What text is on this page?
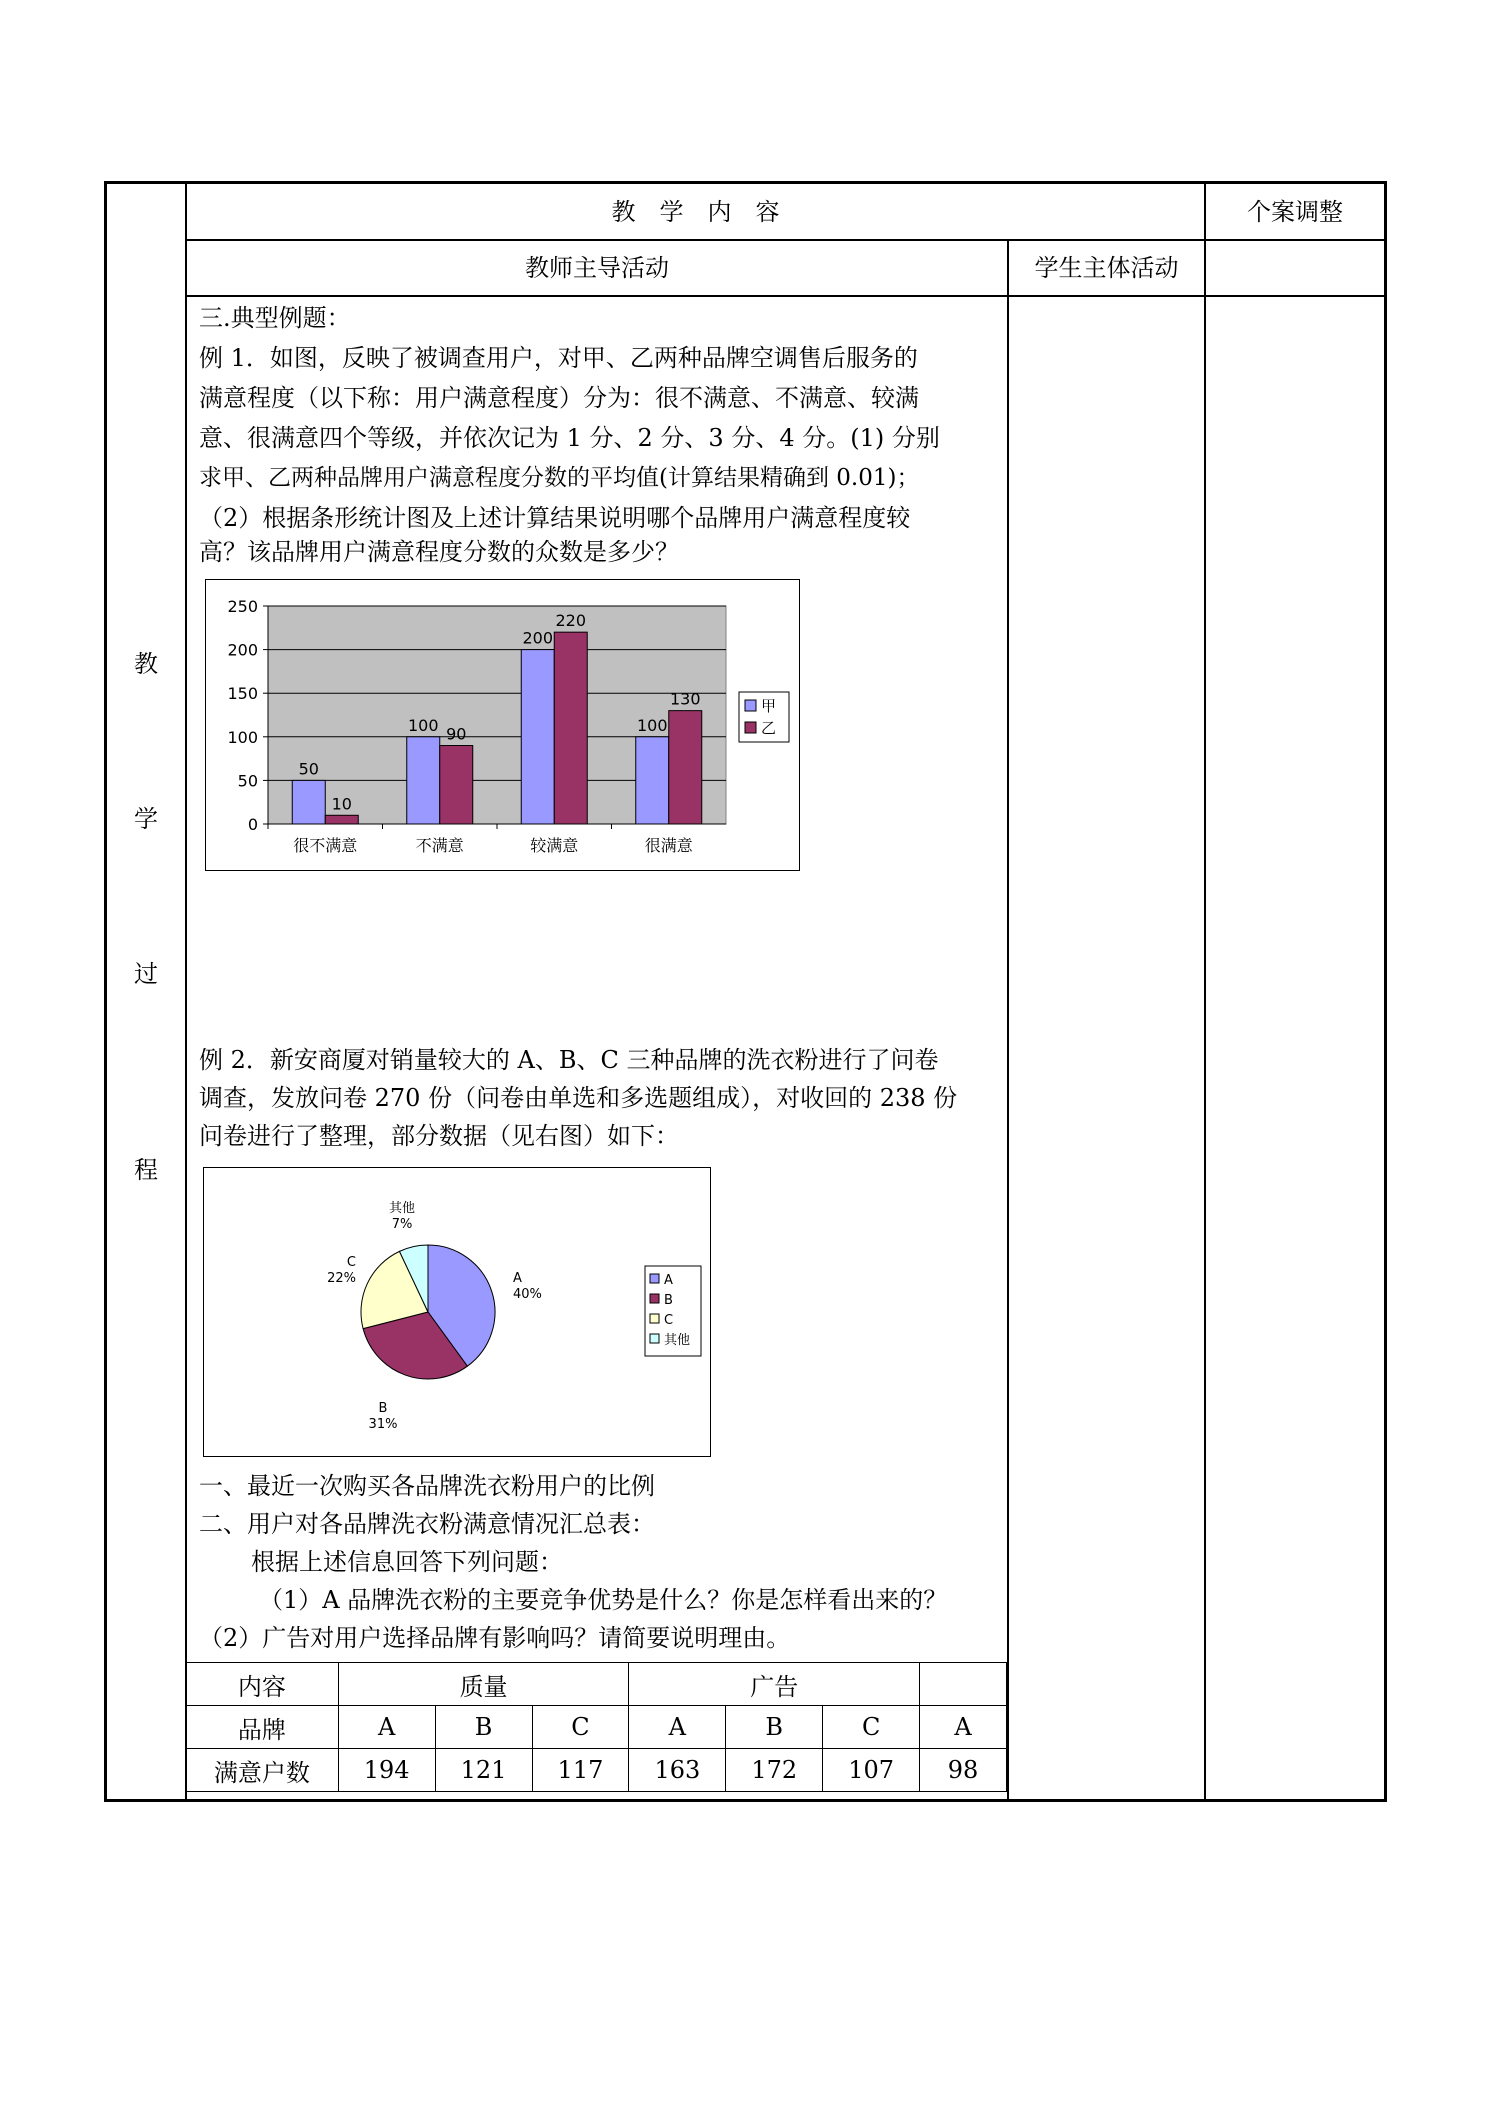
教
学
过
程
教　学　内　容	个案调整
教师主导活动	学生主体活动
三.典型例题：
例 1．如图，反映了被调查用户，对甲、乙两种品牌空调售后服务的
满意程度（以下称：用户满意程度）分为：很不满意、不满意、较满
意、很满意四个等级，并依次记为 1 分、2 分、3 分、4 分。(1) 分别
求甲、乙两种品牌用户满意程度分数的平均值(计算结果精确到 0.01)；
（2）根据条形统计图及上述计算结果说明哪个品牌用户满意程度较
高？该品牌用户满意程度分数的众数是多少？
0
50
100
150
200
250
很不满意
50
10
不满意
100 90
较满意
200
220
很满意
100
130	甲
乙
例 2．新安商厦对销量较大的 A、B、C 三种品牌的洗衣粉进行了问卷
调查，发放问卷 270 份（问卷由单选和多选题组成），对收回的 238 份
问卷进行了整理，部分数据（见右图）如下：
A
40%
B
31%
C
22%
其他
7%
A
B
C
其他
一、最近一次购买各品牌洗衣粉用户的比例
二、用户对各品牌洗衣粉满意情况汇总表：
根据上述信息回答下列问题：
（1）A 品牌洗衣粉的主要竞争优势是什么？你是怎样看出来的？
（2）广告对用户选择品牌有影响吗？请简要说明理由。
内容	质量			广告			
品牌	A	B	C	A	B	C	A
满意户数	194	121	117	163	172	107	98
